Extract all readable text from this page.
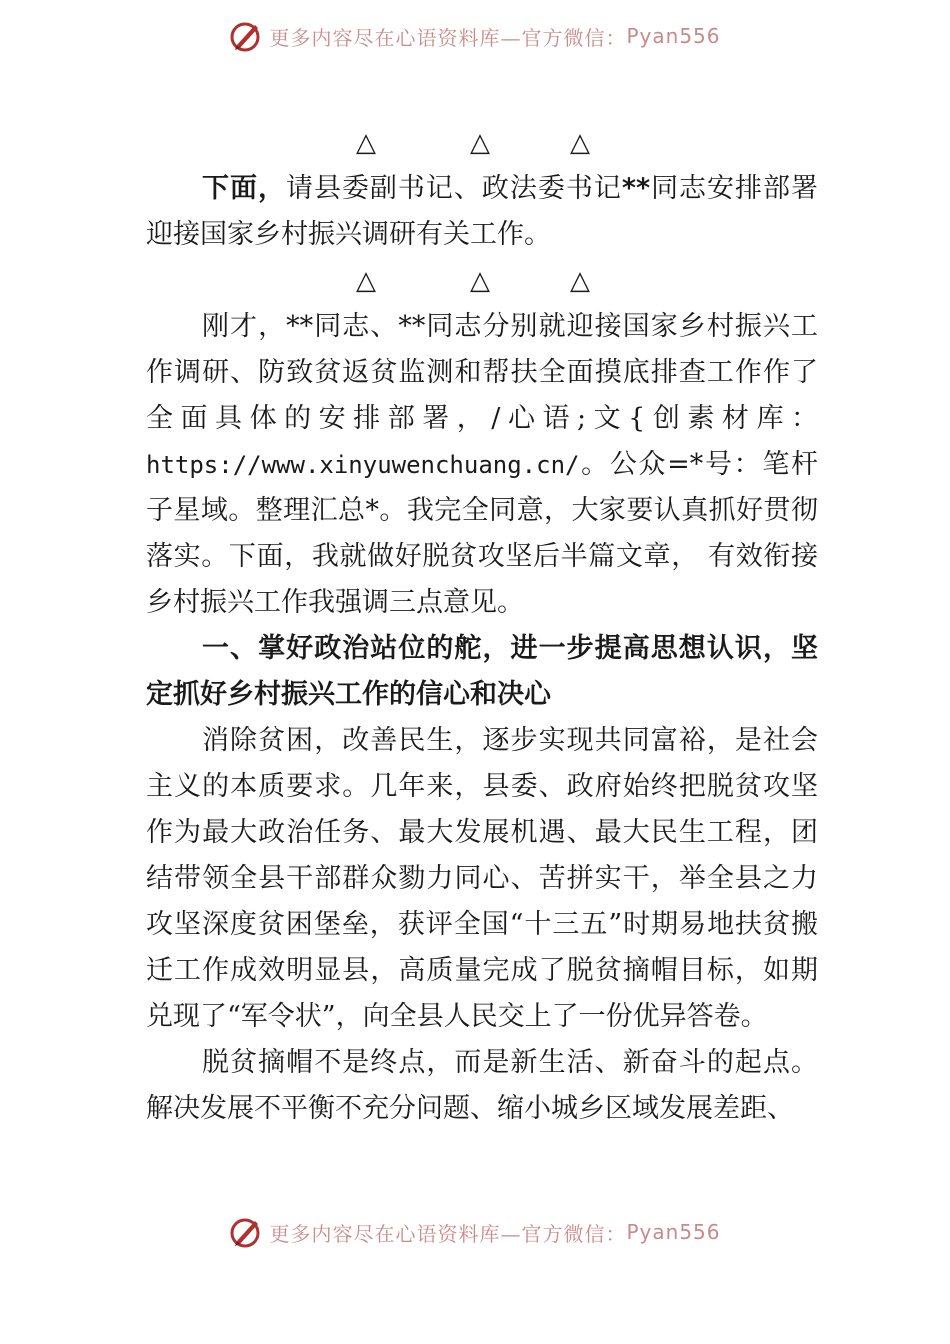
更多内容尽在心语资料库—官方微信： Pyan556
△	△	△

下面，请县委副书记、政法委书记**同志安排部署迎接国家乡村振兴调研有关工作。

△	△	△

刚才，**同志、**同志分别就迎接国家乡村振兴工作调研、防致贫返贫监测和帮扶全面摸底排查工作作了全面具体的安排部署，/心语;文{创素材库：https://www.xinyuwenchuang.cn/。公众=*号：笔杆子星域。整理汇总*。我完全同意，大家要认真抓好贯彻落实。下面，我就做好脱贫攻坚后半篇文章， 有效衔接乡村振兴工作我强调三点意见。

一、掌好政治站位的舵，进一步提高思想认识，坚定抓好乡村振兴工作的信心和决心

消除贫困，改善民生，逐步实现共同富裕，是社会主义的本质要求。几年来，县委、政府始终把脱贫攻坚作为最大政治任务、最大发展机遇、最大民生工程，团结带领全县干部群众勠力同心、苦拼实干，举全县之力攻坚深度贫困堡垒，获评全国“十三五”时期易地扶贫搬迁工作成效明显县，高质量完成了脱贫摘帽目标，如期兑现了“军令状”，向全县人民交上了一份优异答卷。

脱贫摘帽不是终点，而是新生活、新奋斗的起点。解决发展不平衡不充分问题、缩小城乡区域发展差距、

更多内容尽在心语资料库—官方微信： Pyan556
